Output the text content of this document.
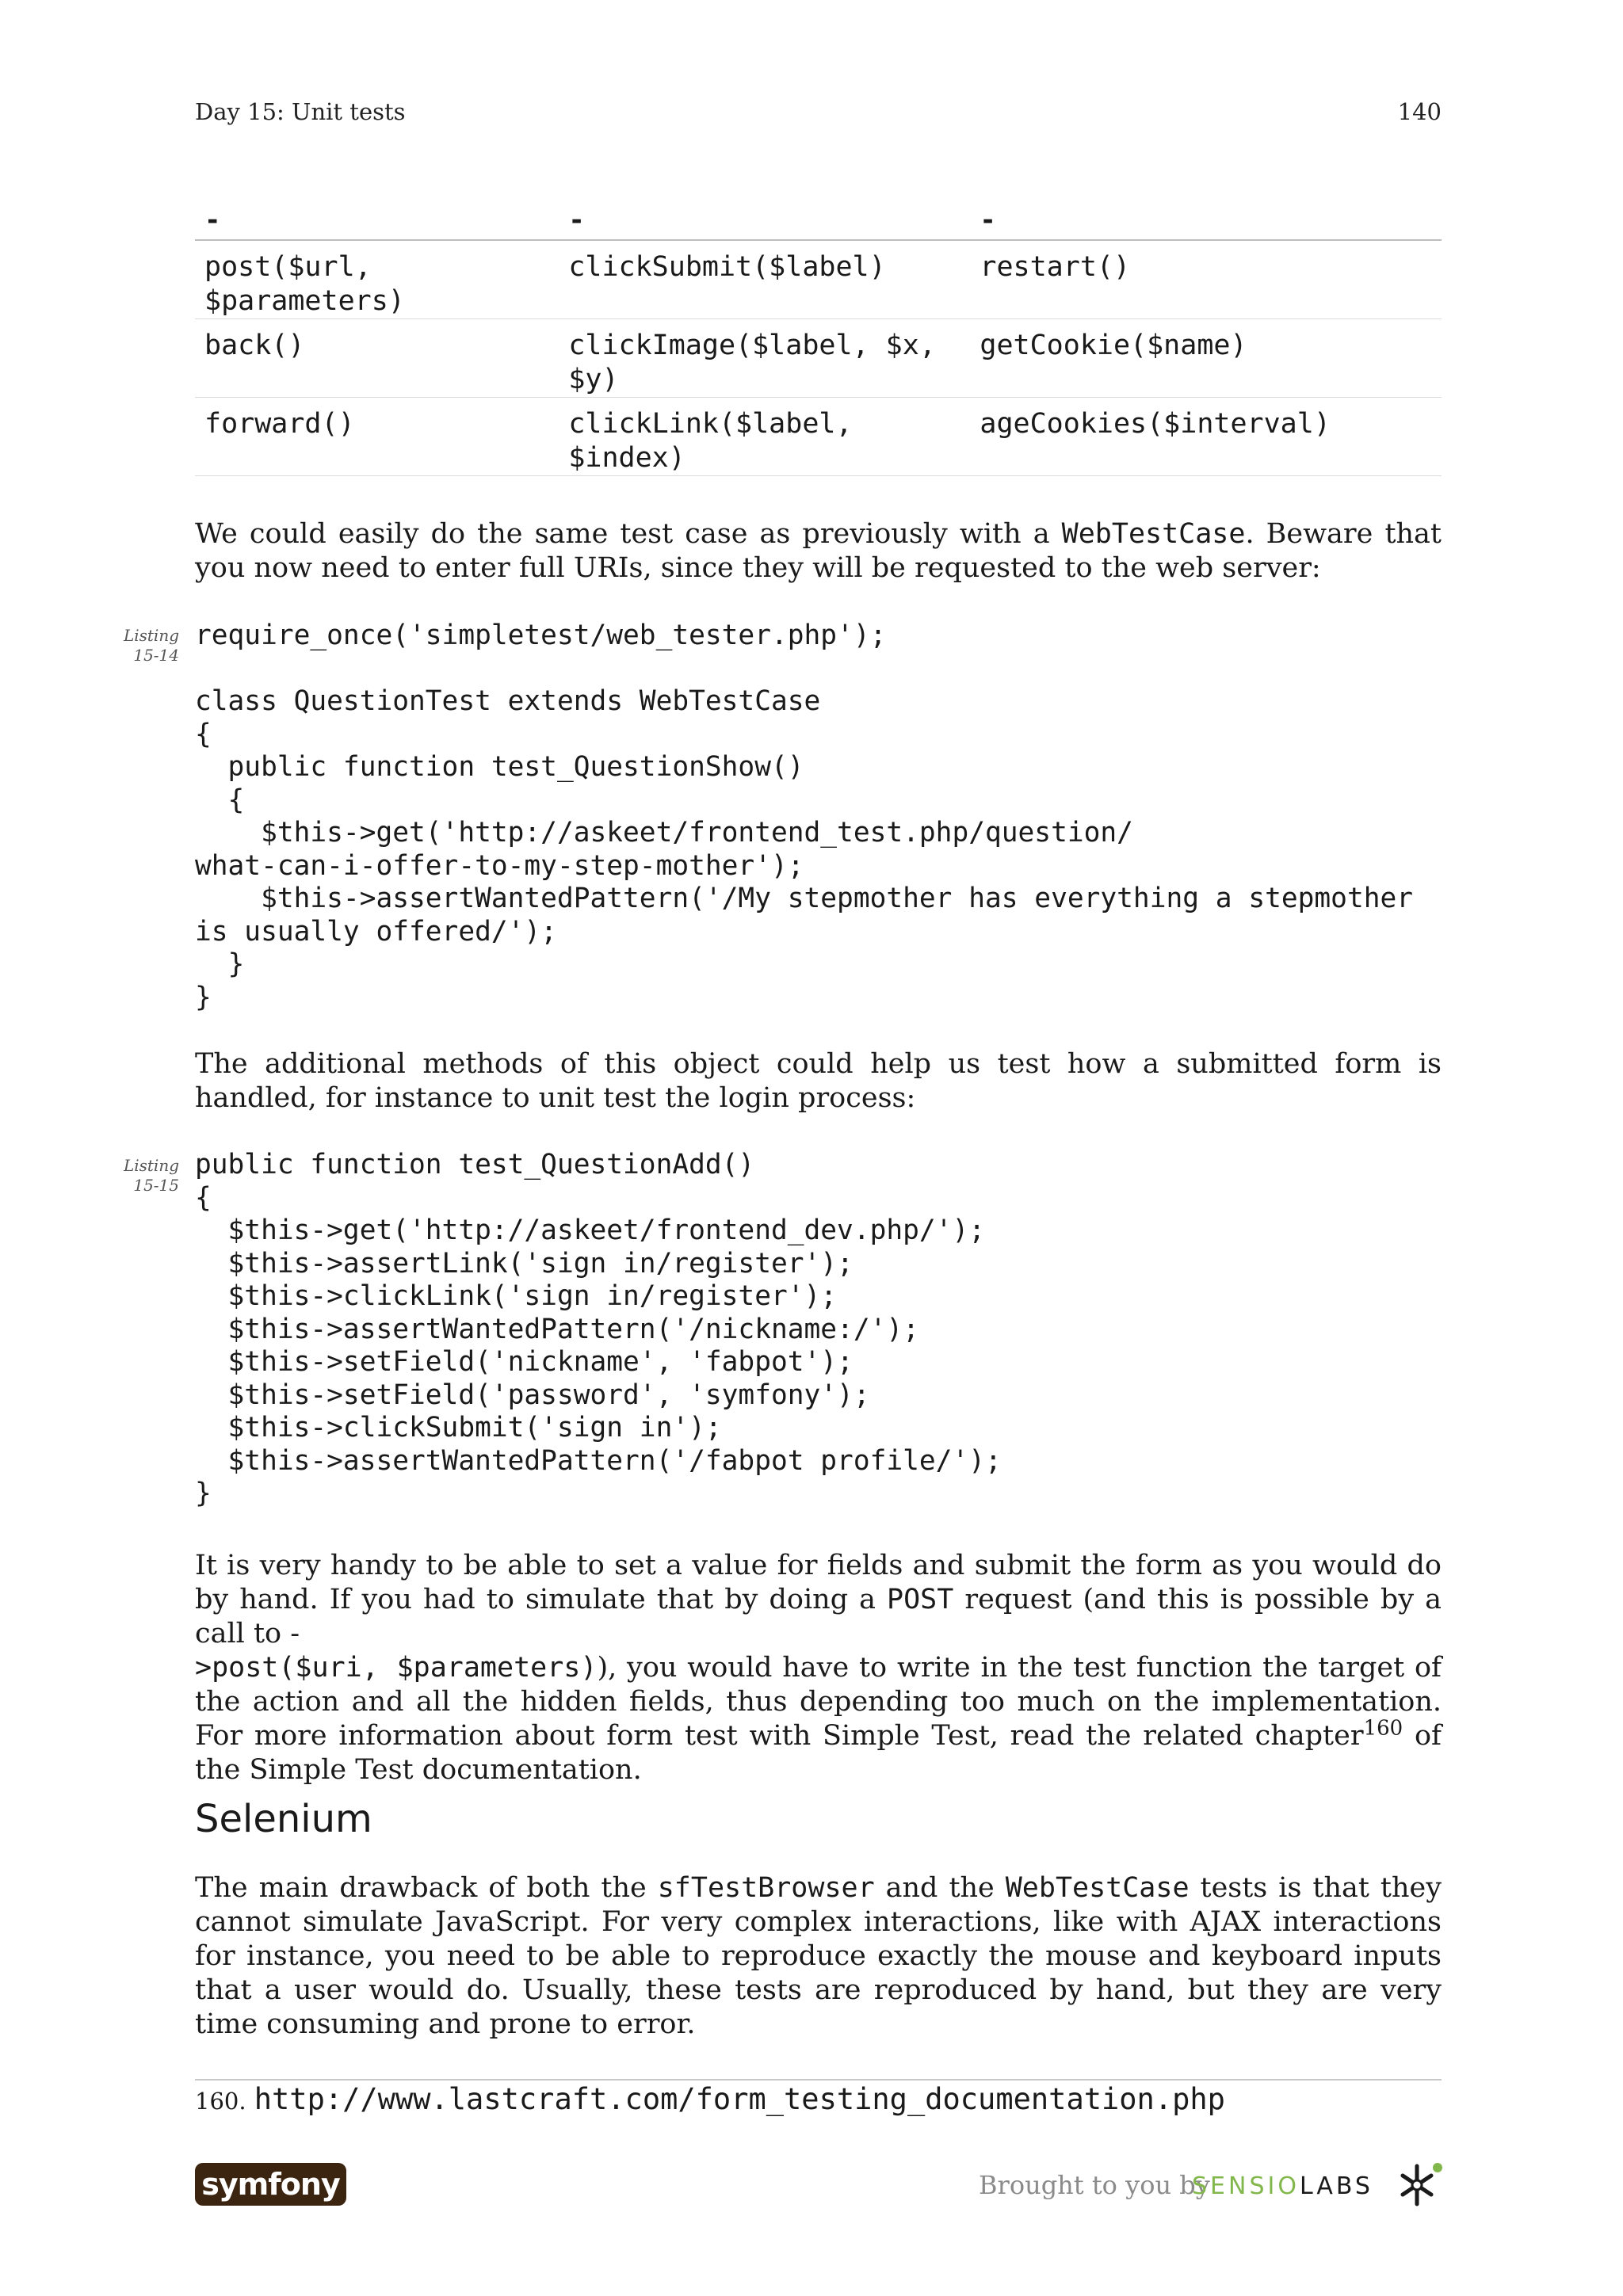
Day 15: Unit tests	140
-	-	-
post($url, $parameters)	clickSubmit($label)	restart()
back()	clickImage($label, $x, $y)	getCookie($name)
forward()	clickLink($label, $index)	ageCookies($interval)
We could easily do the same test case as previously with a WebTestCase. Beware that you now need to enter full URIs, since they will be requested to the web server:
Listing
15-14
require_once('simpletest/web_tester.php');

class QuestionTest extends WebTestCase
{
public function test_QuestionShow()
{
$this->get('http://askeet/frontend_test.php/question/
what-can-i-offer-to-my-step-mother');
$this->assertWantedPattern('/My stepmother has everything a stepmother
is usually offered/');
}
}
The additional methods of this object could help us test how a submitted form is handled, for instance to unit test the login process:
Listing
15-15
public function test_QuestionAdd()
{
$this->get('http://askeet/frontend_dev.php/');
$this->assertLink('sign in/register');
$this->clickLink('sign in/register');
$this->assertWantedPattern('/nickname:/');
$this->setField('nickname', 'fabpot');
$this->setField('password', 'symfony');
$this->clickSubmit('sign in');
$this->assertWantedPattern('/fabpot profile/');
}
It is very handy to be able to set a value for fields and submit the form as you would do by hand. If you had to simulate that by doing a POST request (and this is possible by a call to -
>post($uri, $parameters)), you would have to write in the test function the target of the action and all the hidden fields, thus depending too much on the implementation. For more information about form test with Simple Test, read the related chapter$^{160}$ of the Simple Test documentation.
Selenium
The main drawback of both the sfTestBrowser and the WebTestCase tests is that they cannot simulate JavaScript. For very complex interactions, like with AJAX interactions for instance, you need to be able to reproduce exactly the mouse and keyboard inputs that a user would do. Usually, these tests are reproduced by hand, but they are very time consuming and prone to error.
160. http://www.lastcraft.com/form_testing_documentation.php
symfony	Brought to you by
SENSIOLABS
